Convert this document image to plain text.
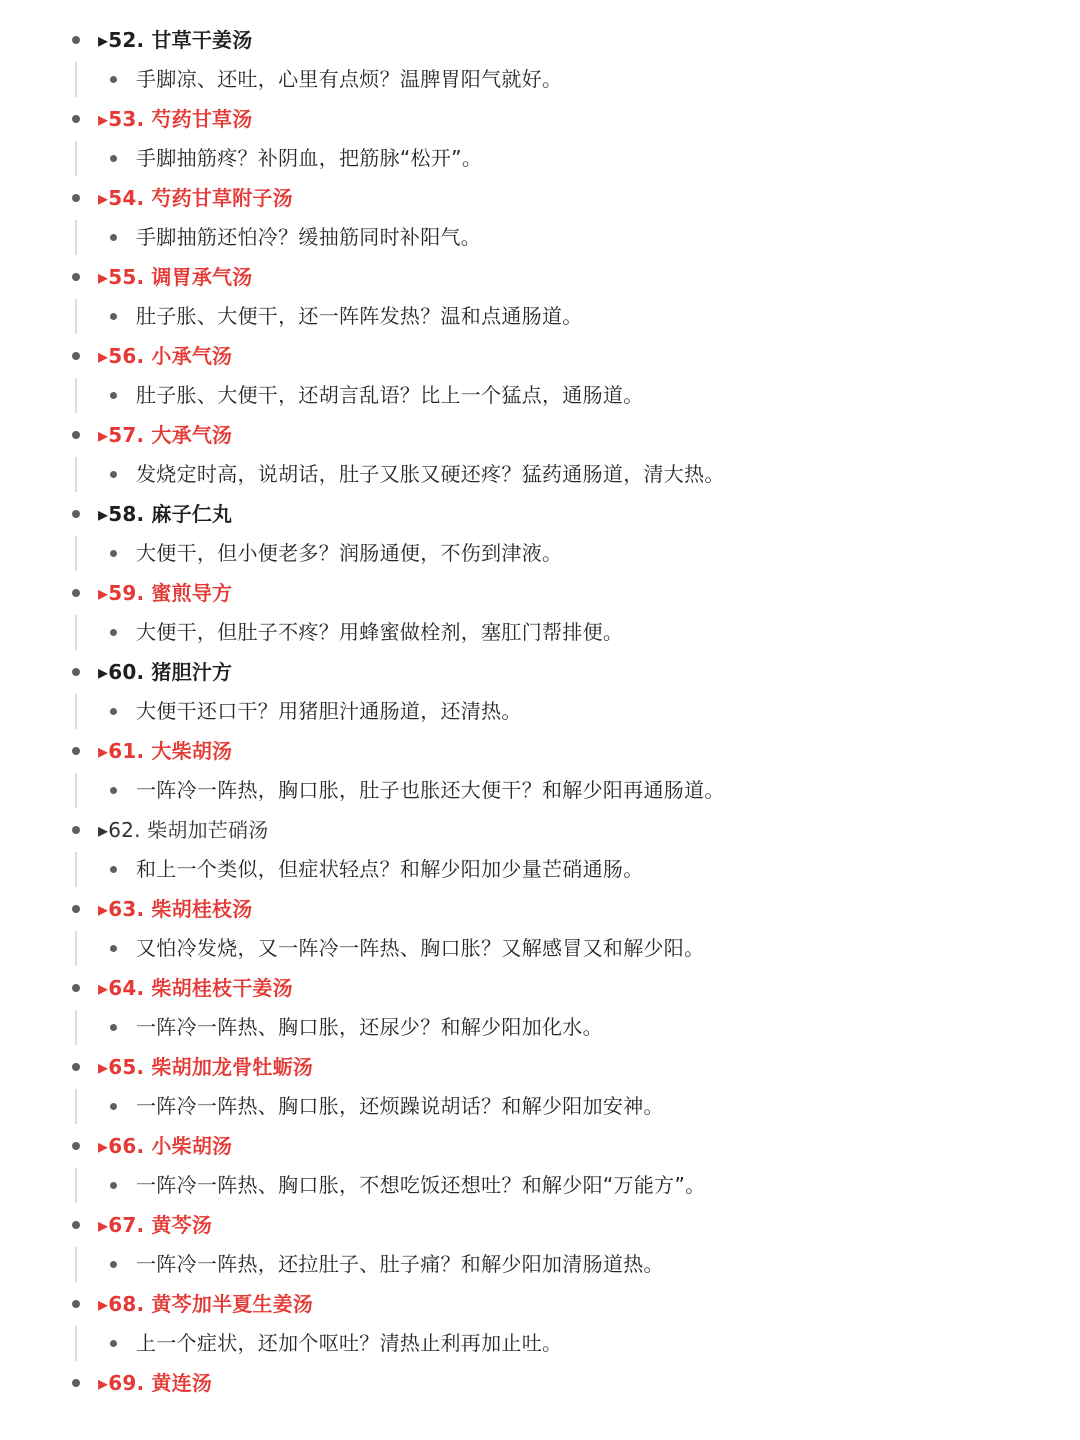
▸52. 甘草干姜汤
手脚凉、还吐，心里有点烦？温脾胃阳气就好。
▸53. 芍药甘草汤
手脚抽筋疼？补阴血，把筋脉“松开”。
▸54. 芍药甘草附子汤
手脚抽筋还怕冷？缓抽筋同时补阳气。
▸55. 调胃承气汤
肚子胀、大便干，还一阵阵发热？温和点通肠道。
▸56. 小承气汤
肚子胀、大便干，还胡言乱语？比上一个猛点，通肠道。
▸57. 大承气汤
发烧定时高，说胡话，肚子又胀又硬还疼？猛药通肠道，清大热。
▸58. 麻子仁丸
大便干，但小便老多？润肠通便，不伤到津液。
▸59. 蜜煎导方
大便干，但肚子不疼？用蜂蜜做栓剂，塞肛门帮排便。
▸60. 猪胆汁方
大便干还口干？用猪胆汁通肠道，还清热。
▸61. 大柴胡汤
一阵冷一阵热，胸口胀，肚子也胀还大便干？和解少阳再通肠道。
▸62. 柴胡加芒硝汤
和上一个类似，但症状轻点？和解少阳加少量芒硝通肠。
▸63. 柴胡桂枝汤
又怕冷发烧，又一阵冷一阵热、胸口胀？又解感冒又和解少阳。
▸64. 柴胡桂枝干姜汤
一阵冷一阵热、胸口胀，还尿少？和解少阳加化水。
▸65. 柴胡加龙骨牡蛎汤
一阵冷一阵热、胸口胀，还烦躁说胡话？和解少阳加安神。
▸66. 小柴胡汤
一阵冷一阵热、胸口胀，不想吃饭还想吐？和解少阳“万能方”。
▸67. 黄芩汤
一阵冷一阵热，还拉肚子、肚子痛？和解少阳加清肠道热。
▸68. 黄芩加半夏生姜汤
上一个症状，还加个呕吐？清热止利再加止吐。
▸69. 黄连汤
